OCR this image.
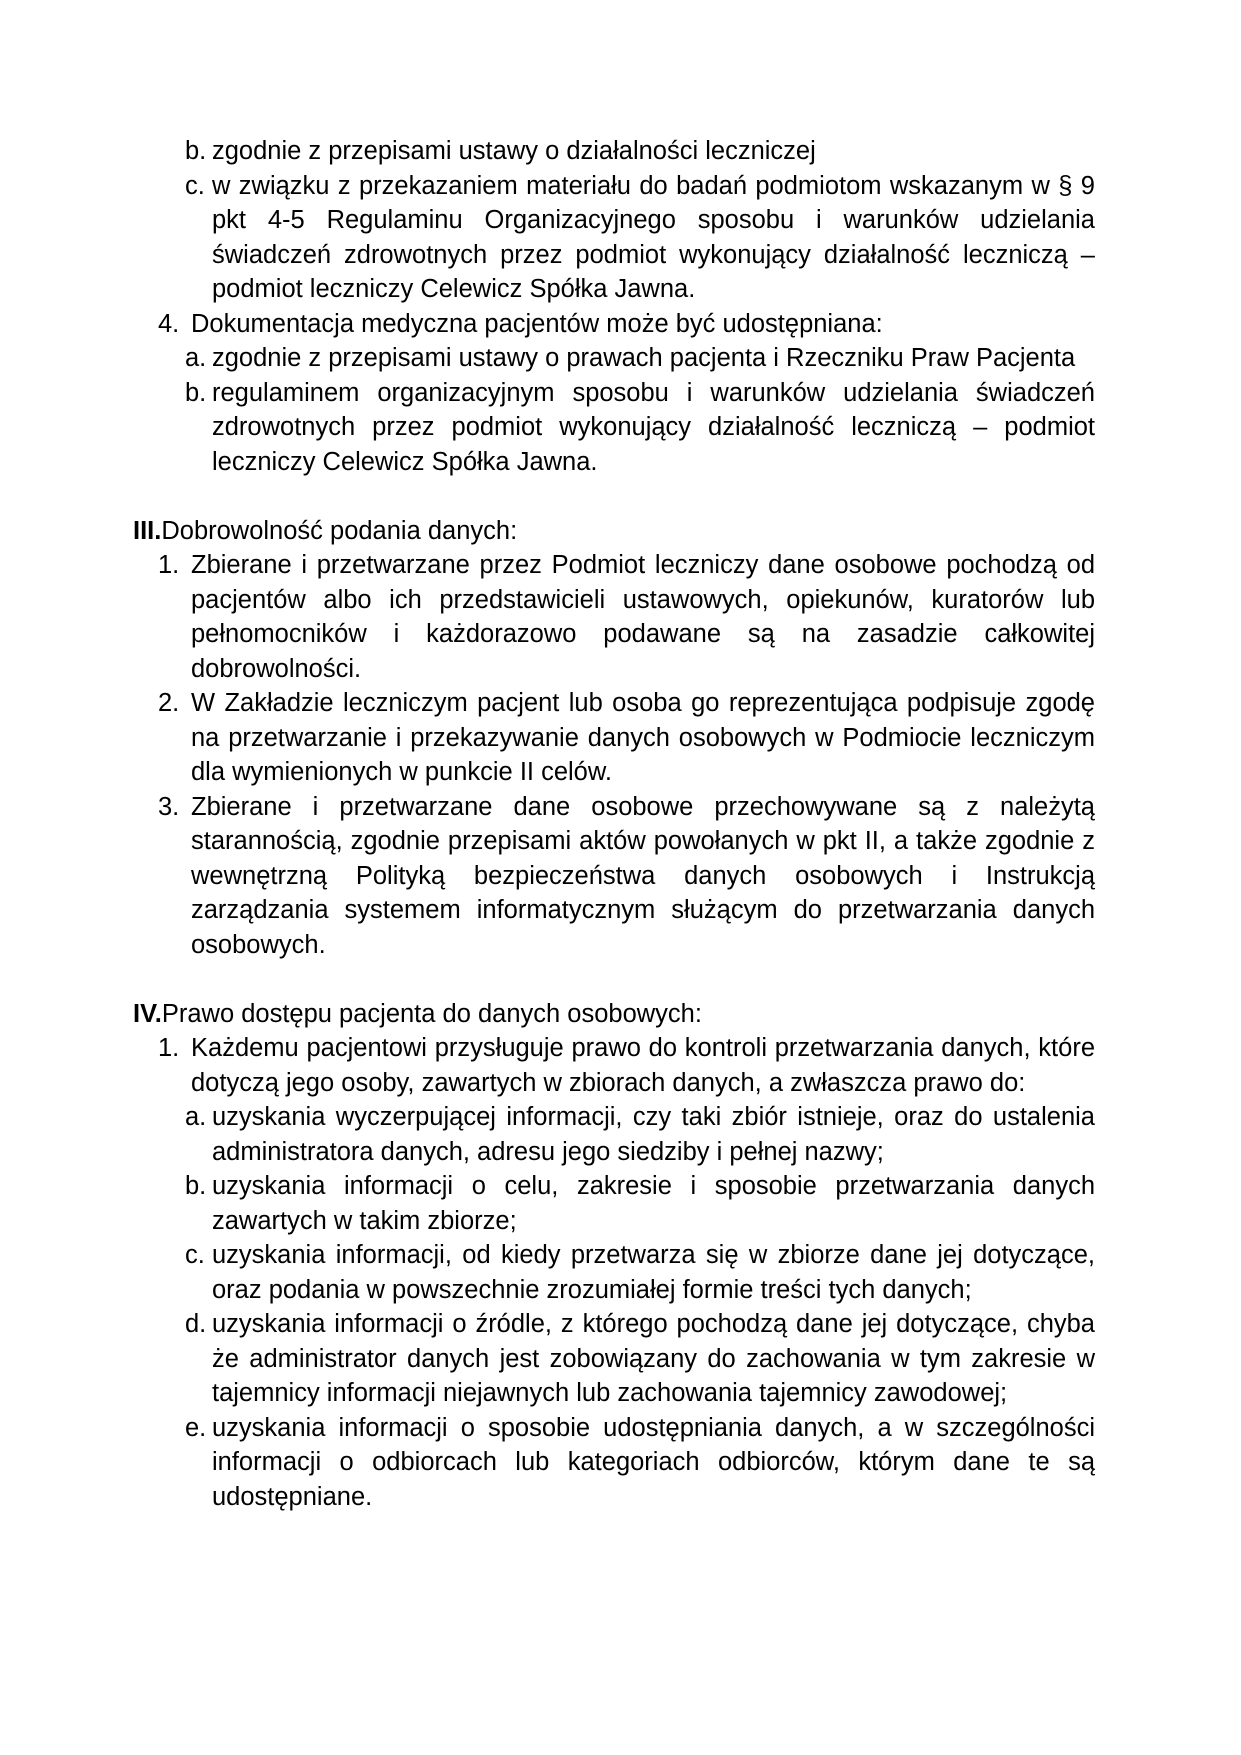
b. zgodnie z przepisami ustawy o działalności leczniczej
c. w związku z przekazaniem materiału do badań podmiotom wskazanym w § 9 pkt 4-5 Regulaminu Organizacyjnego sposobu i warunków udzielania świadczeń zdrowotnych przez podmiot wykonujący działalność leczniczą – podmiot leczniczy Celewicz Spółka Jawna.
4. Dokumentacja medyczna pacjentów może być udostępniana:
a. zgodnie z przepisami ustawy o prawach pacjenta i Rzeczniku Praw Pacjenta
b. regulaminem organizacyjnym sposobu i warunków udzielania świadczeń zdrowotnych przez podmiot wykonujący działalność leczniczą – podmiot leczniczy Celewicz Spółka Jawna.
III.Dobrowolność podania danych:
1. Zbierane i przetwarzane przez Podmiot leczniczy dane osobowe pochodzą od pacjentów albo ich przedstawicieli ustawowych, opiekunów, kuratorów lub pełnomocników i każdorazowo podawane są na zasadzie całkowitej dobrowolności.
2. W Zakładzie leczniczym pacjent lub osoba go reprezentująca podpisuje zgodę na przetwarzanie i przekazywanie danych osobowych w Podmiocie leczniczym dla wymienionych w punkcie II celów.
3. Zbierane i przetwarzane dane osobowe przechowywane są z należytą starannością, zgodnie przepisami aktów powołanych w pkt II, a także zgodnie z wewnętrzną Polityką bezpieczeństwa danych osobowych i Instrukcją zarządzania systemem informatycznym służącym do przetwarzania danych osobowych.
IV.Prawo dostępu pacjenta do danych osobowych:
1. Każdemu pacjentowi przysługuje prawo do kontroli przetwarzania danych, które dotyczą jego osoby, zawartych w zbiorach danych, a zwłaszcza prawo do:
a. uzyskania wyczerpującej informacji, czy taki zbiór istnieje, oraz do ustalenia administratora danych, adresu jego siedziby i pełnej nazwy;
b. uzyskania informacji o celu, zakresie i sposobie przetwarzania danych zawartych w takim zbiorze;
c. uzyskania informacji, od kiedy przetwarza się w zbiorze dane jej dotyczące, oraz podania w powszechnie zrozumiałej formie treści tych danych;
d. uzyskania informacji o źródle, z którego pochodzą dane jej dotyczące, chyba że administrator danych jest zobowiązany do zachowania w tym zakresie w tajemnicy informacji niejawnych lub zachowania tajemnicy zawodowej;
e. uzyskania informacji o sposobie udostępniania danych, a w szczególności informacji o odbiorcach lub kategoriach odbiorców, którym dane te są udostępniane.
